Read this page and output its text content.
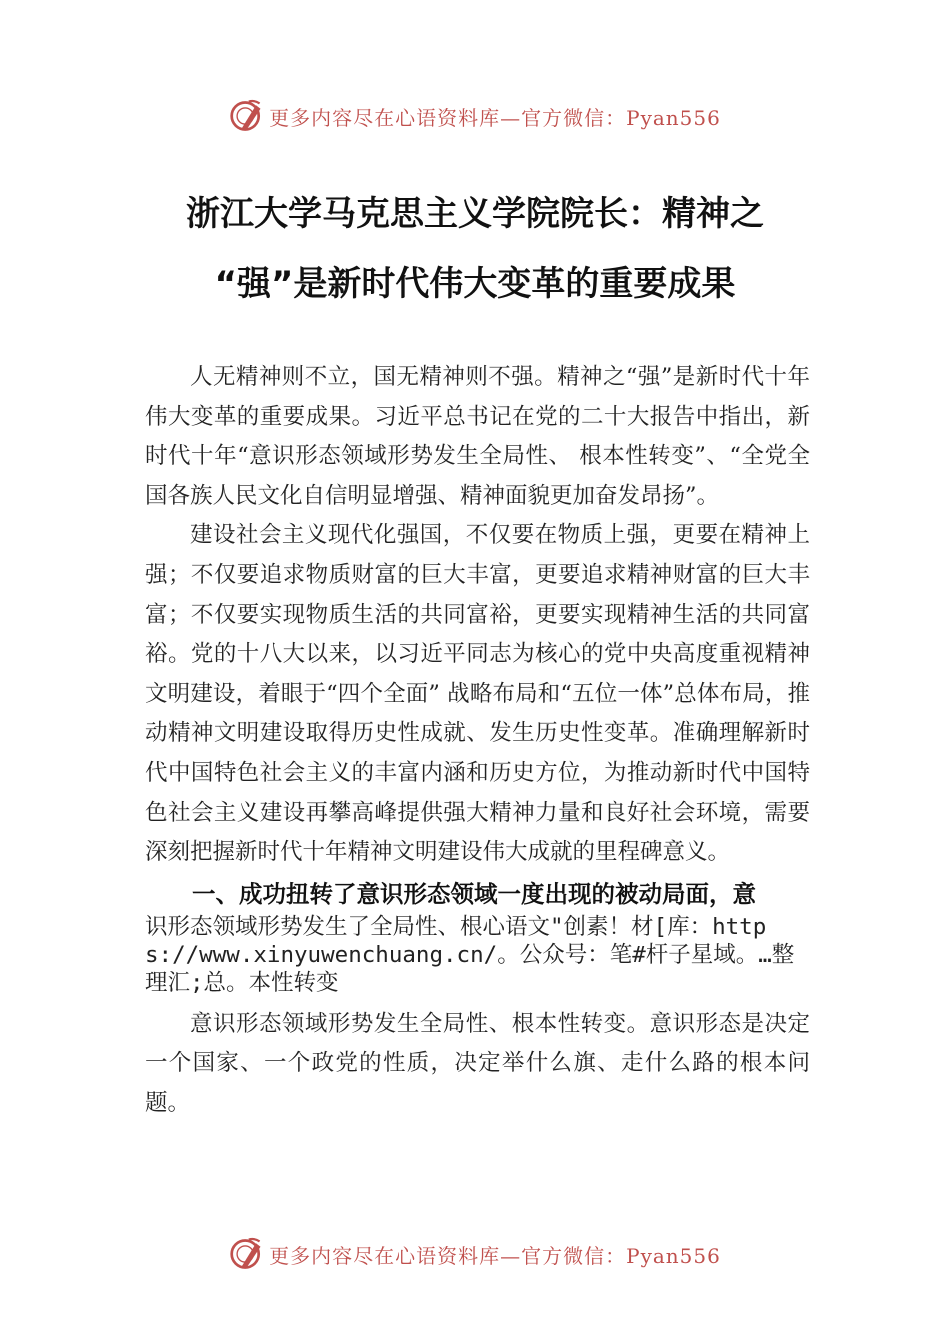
更多内容尽在心语资料库—官方微信：Pyan556
浙江大学马克思主义学院院长：精神之
“强”是新时代伟大变革的重要成果

人无精神则不立，国无精神则不强。精神之“强”是新时代十年伟大变革的重要成果。习近平总书记在党的二十大报告中指出，新时代十年“意识形态领域形势发生全局性、 根本性转变”、“全党全国各族人民文化自信明显增强、精神面貌更加奋发昂扬”。

建设社会主义现代化强国，不仅要在物质上强，更要在精神上强；不仅要追求物质财富的巨大丰富，更要追求精神财富的巨大丰富；不仅要实现物质生活的共同富裕，更要实现精神生活的共同富裕。党的十八大以来，以习近平同志为核心的党中央高度重视精神文明建设，着眼于“四个全面” 战略布局和“五位一体”总体布局，推动精神文明建设取得历史性成就、发生历史性变革。准确理解新时代中国特色社会主义的丰富内涵和历史方位，为推动新时代中国特色社会主义建设再攀高峰提供强大精神力量和良好社会环境，需要深刻把握新时代十年精神文明建设伟大成就的里程碑意义。

一、成功扭转了意识形态领域一度出现的被动局面，意

识形态领域形势发生了全局性、根心语文"创素！材[库：https://www.xinyuwenchuang.cn/。公众号：笔#杆子星域。…整理汇;总。本性转变

意识形态领域形势发生全局性、根本性转变。意识形态是决定一个国家、一个政党的性质，决定举什么旗、走什么路的根本问题。

更多内容尽在心语资料库—官方微信：Pyan556
